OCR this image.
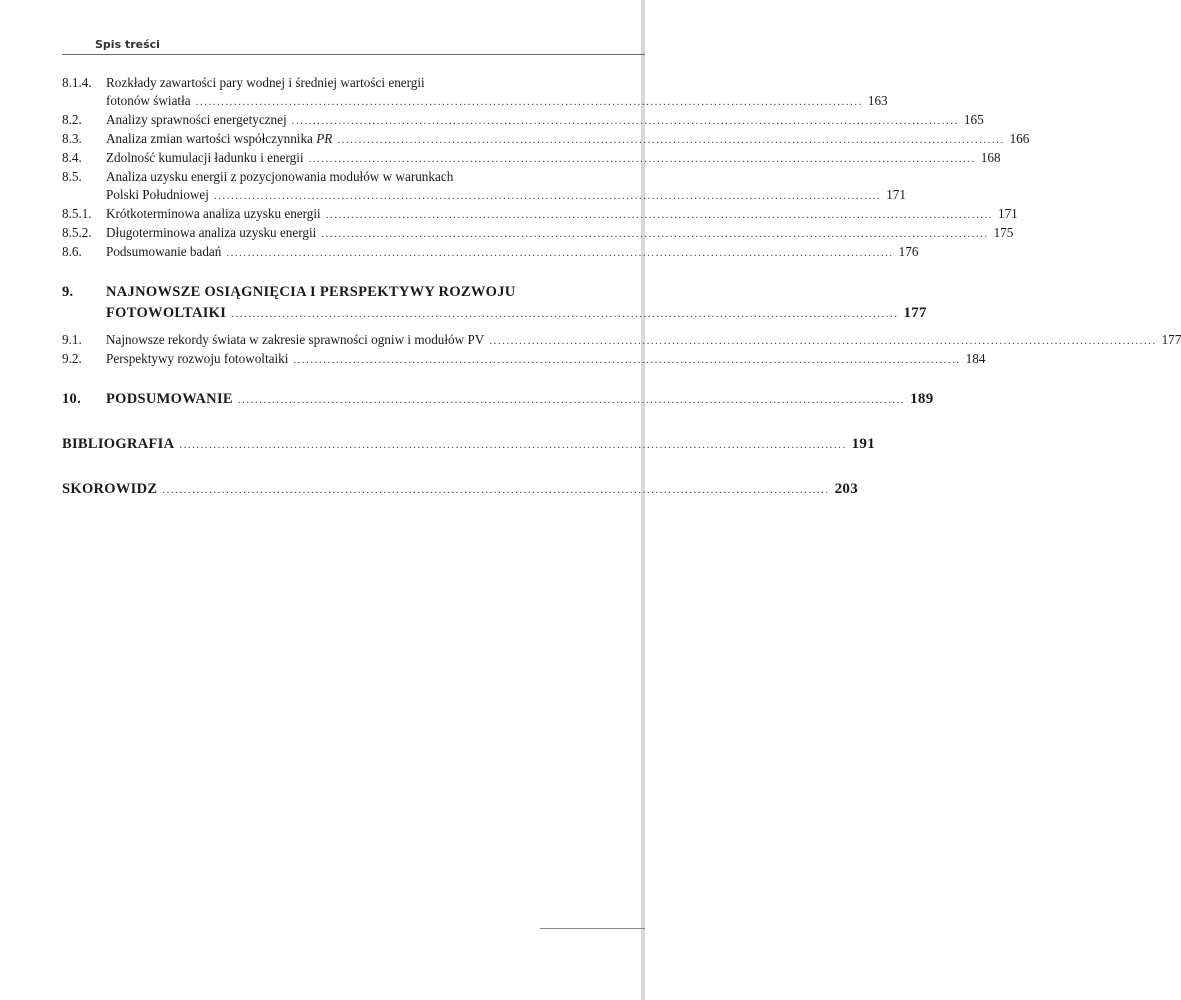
Spis treści
8.1.4.	Rozkłady zawartości pary wodnej i średniej wartości energii
fotonów światła ............................................................................................................................................................. 163
8.2.	Analizy sprawności energetycznej ............................................................................................................................................................. 165
8.3.	Analiza zmian wartości współczynnika PR ............................................................................................................................................................. 166
8.4.	Zdolność kumulacji ładunku i energii ............................................................................................................................................................. 168
8.5.	Analiza uzysku energii z pozycjonowania modułów w warunkach
Polski Południowej ............................................................................................................................................................. 171
8.5.1.	Krótkoterminowa analiza uzysku energii ............................................................................................................................................................. 171
8.5.2.	Długoterminowa analiza uzysku energii ............................................................................................................................................................. 175
8.6.	Podsumowanie badań ............................................................................................................................................................. 176
9.	NAJNOWSZE OSIĄGNIĘCIA I PERSPEKTYWY ROZWOJU
FOTOWOLTAIKI ............................................................................................................................................................. 177
9.1.	Najnowsze rekordy świata w zakresie sprawności ogniw i modułów PV ............................................................................................................................................................. 177
9.2.	Perspektywy rozwoju fotowoltaiki ............................................................................................................................................................. 184
10.	PODSUMOWANIE ............................................................................................................................................................. 189
BIBLIOGRAFIA ............................................................................................................................................................. 191
SKOROWIDZ ............................................................................................................................................................. 203
